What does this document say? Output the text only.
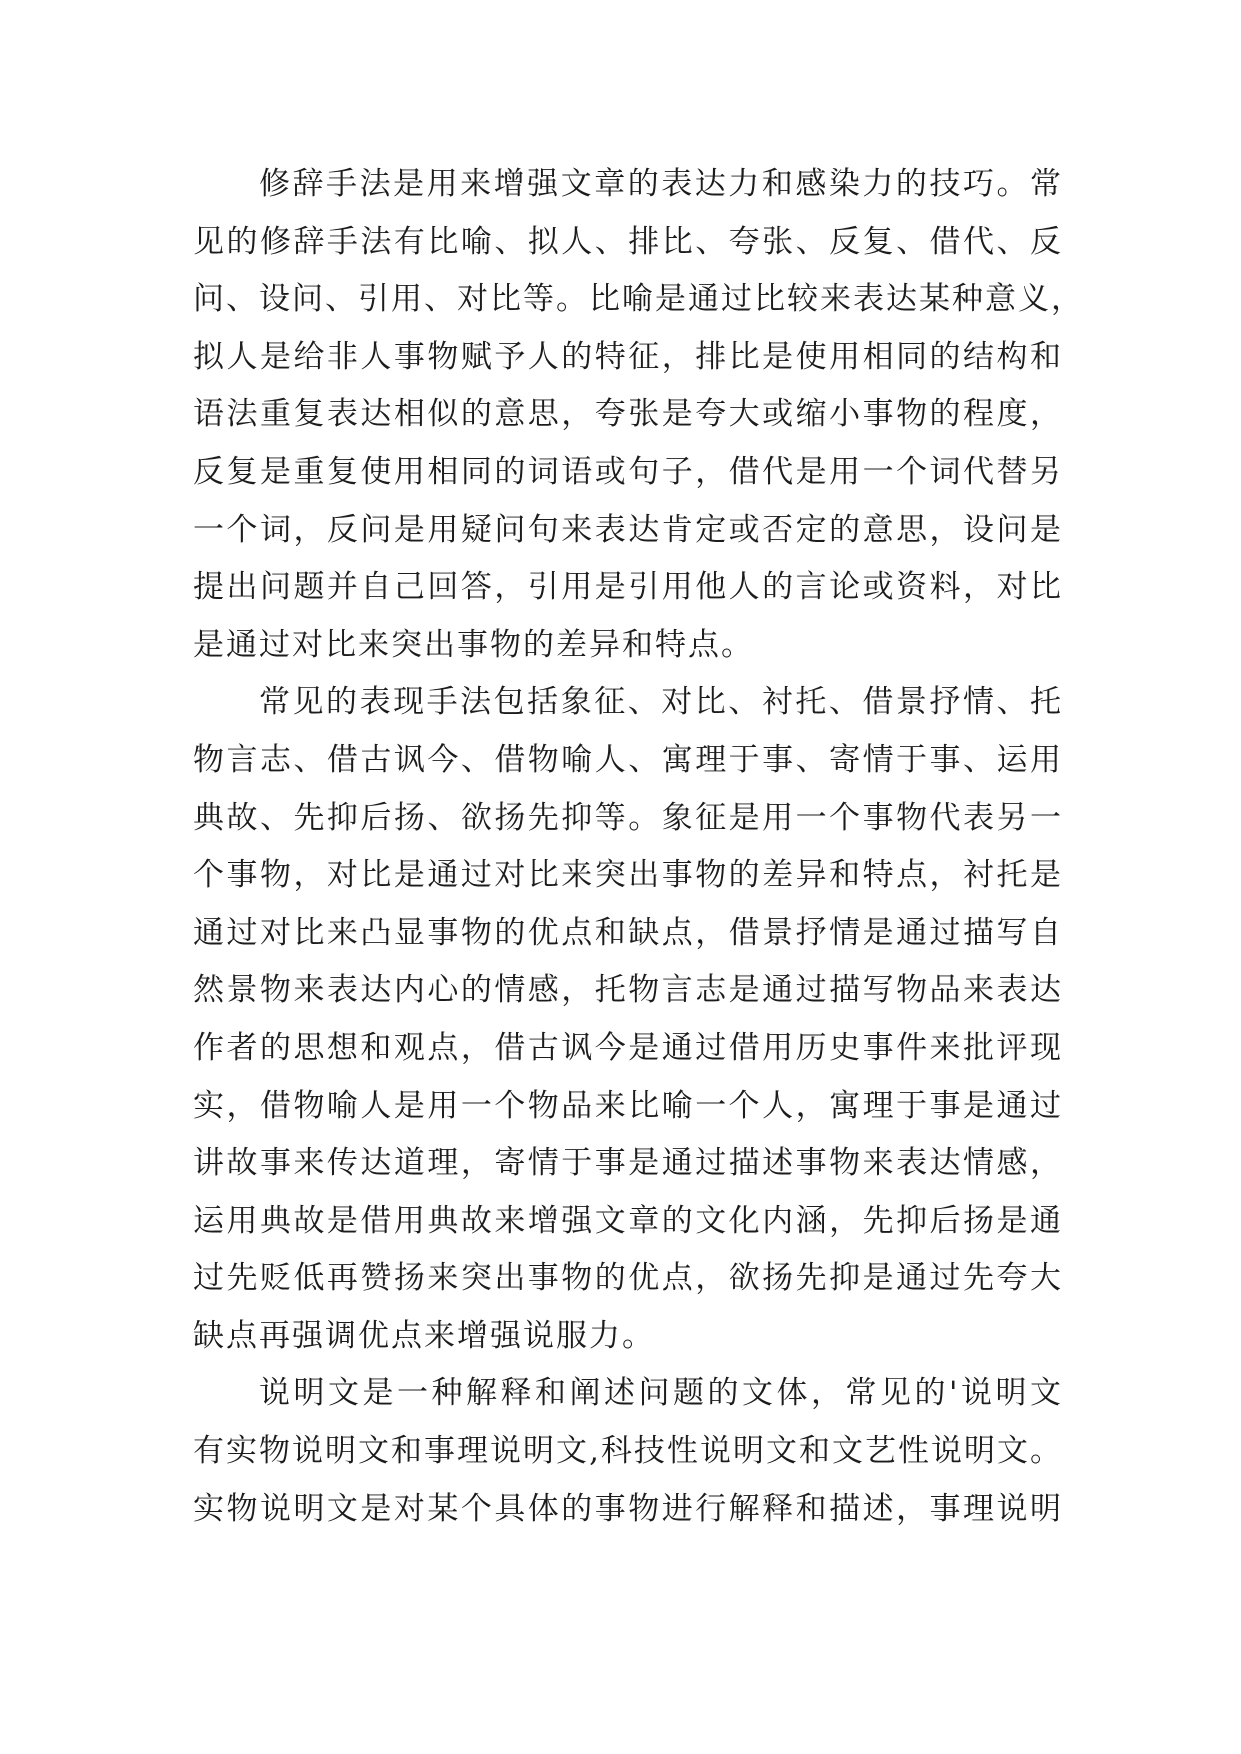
修辞手法是用来增强文章的表达力和感染力的技巧。常
见的修辞手法有比喻、拟人、排比、夸张、反复、借代、反
问、设问、引用、对比等。比喻是通过比较来表达某种意义，
拟人是给非人事物赋予人的特征，排比是使用相同的结构和
语法重复表达相似的意思，夸张是夸大或缩小事物的程度，
反复是重复使用相同的词语或句子，借代是用一个词代替另
一个词，反问是用疑问句来表达肯定或否定的意思，设问是
提出问题并自己回答，引用是引用他人的言论或资料，对比
是通过对比来突出事物的差异和特点。
常见的表现手法包括象征、对比、衬托、借景抒情、托
物言志、借古讽今、借物喻人、寓理于事、寄情于事、运用
典故、先抑后扬、欲扬先抑等。象征是用一个事物代表另一
个事物，对比是通过对比来突出事物的差异和特点，衬托是
通过对比来凸显事物的优点和缺点，借景抒情是通过描写自
然景物来表达内心的情感，托物言志是通过描写物品来表达
作者的思想和观点，借古讽今是通过借用历史事件来批评现
实，借物喻人是用一个物品来比喻一个人，寓理于事是通过
讲故事来传达道理，寄情于事是通过描述事物来表达情感，
运用典故是借用典故来增强文章的文化内涵，先抑后扬是通
过先贬低再赞扬来突出事物的优点，欲扬先抑是通过先夸大
缺点再强调优点来增强说服力。
说明文是一种解释和阐述问题的文体，常见的'说明文
有实物说明文和事理说明文,科技性说明文和文艺性说明文。
实物说明文是对某个具体的事物进行解释和描述，事理说明
